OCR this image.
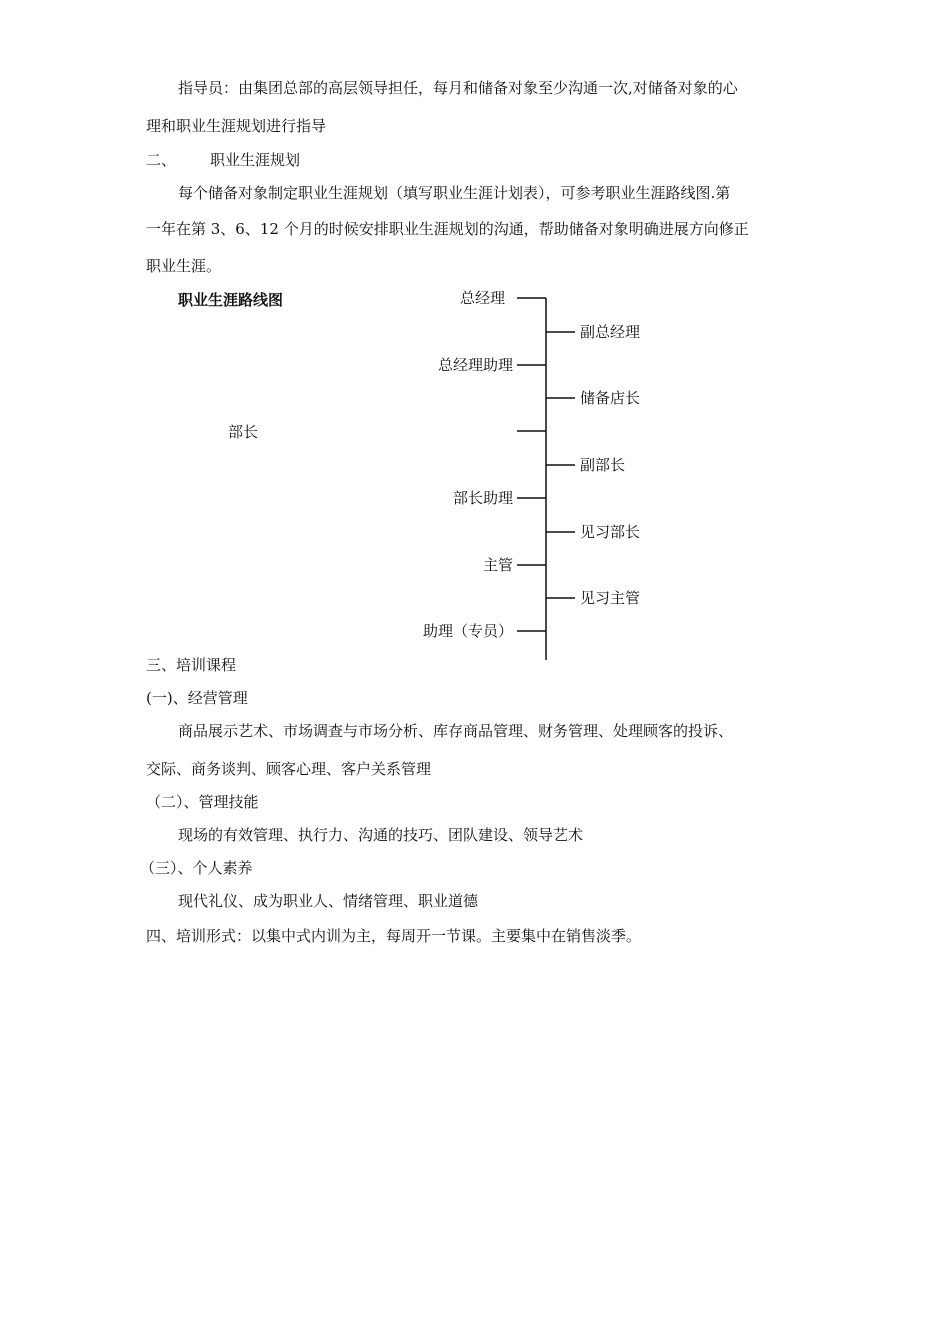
指导员：由集团总部的高层领导担任，每月和储备对象至少沟通一次,对储备对象的心
理和职业生涯规划进行指导
二、 职业生涯规划
每个储备对象制定职业生涯规划（填写职业生涯计划表），可参考职业生涯路线图.第
一年在第 3、6、12 个月的时候安排职业生涯规划的沟通，帮助储备对象明确进展方向修正
职业生涯。
职业生涯路线图	总经理
总经理助理
部长
部长助理
主管
助理（专员）
副总经理
储备店长
副部长
见习部长
见习主管
三、培训课程
(一)、经营管理
商品展示艺术、市场调查与市场分析、库存商品管理、财务管理、处理顾客的投诉、
交际、商务谈判、顾客心理、客户关系管理
（二）、管理技能
现场的有效管理、执行力、沟通的技巧、团队建设、领导艺术
（三）、个人素养
现代礼仪、成为职业人、情绪管理、职业道德
四、培训形式：以集中式内训为主，每周开一节课。主要集中在销售淡季。
